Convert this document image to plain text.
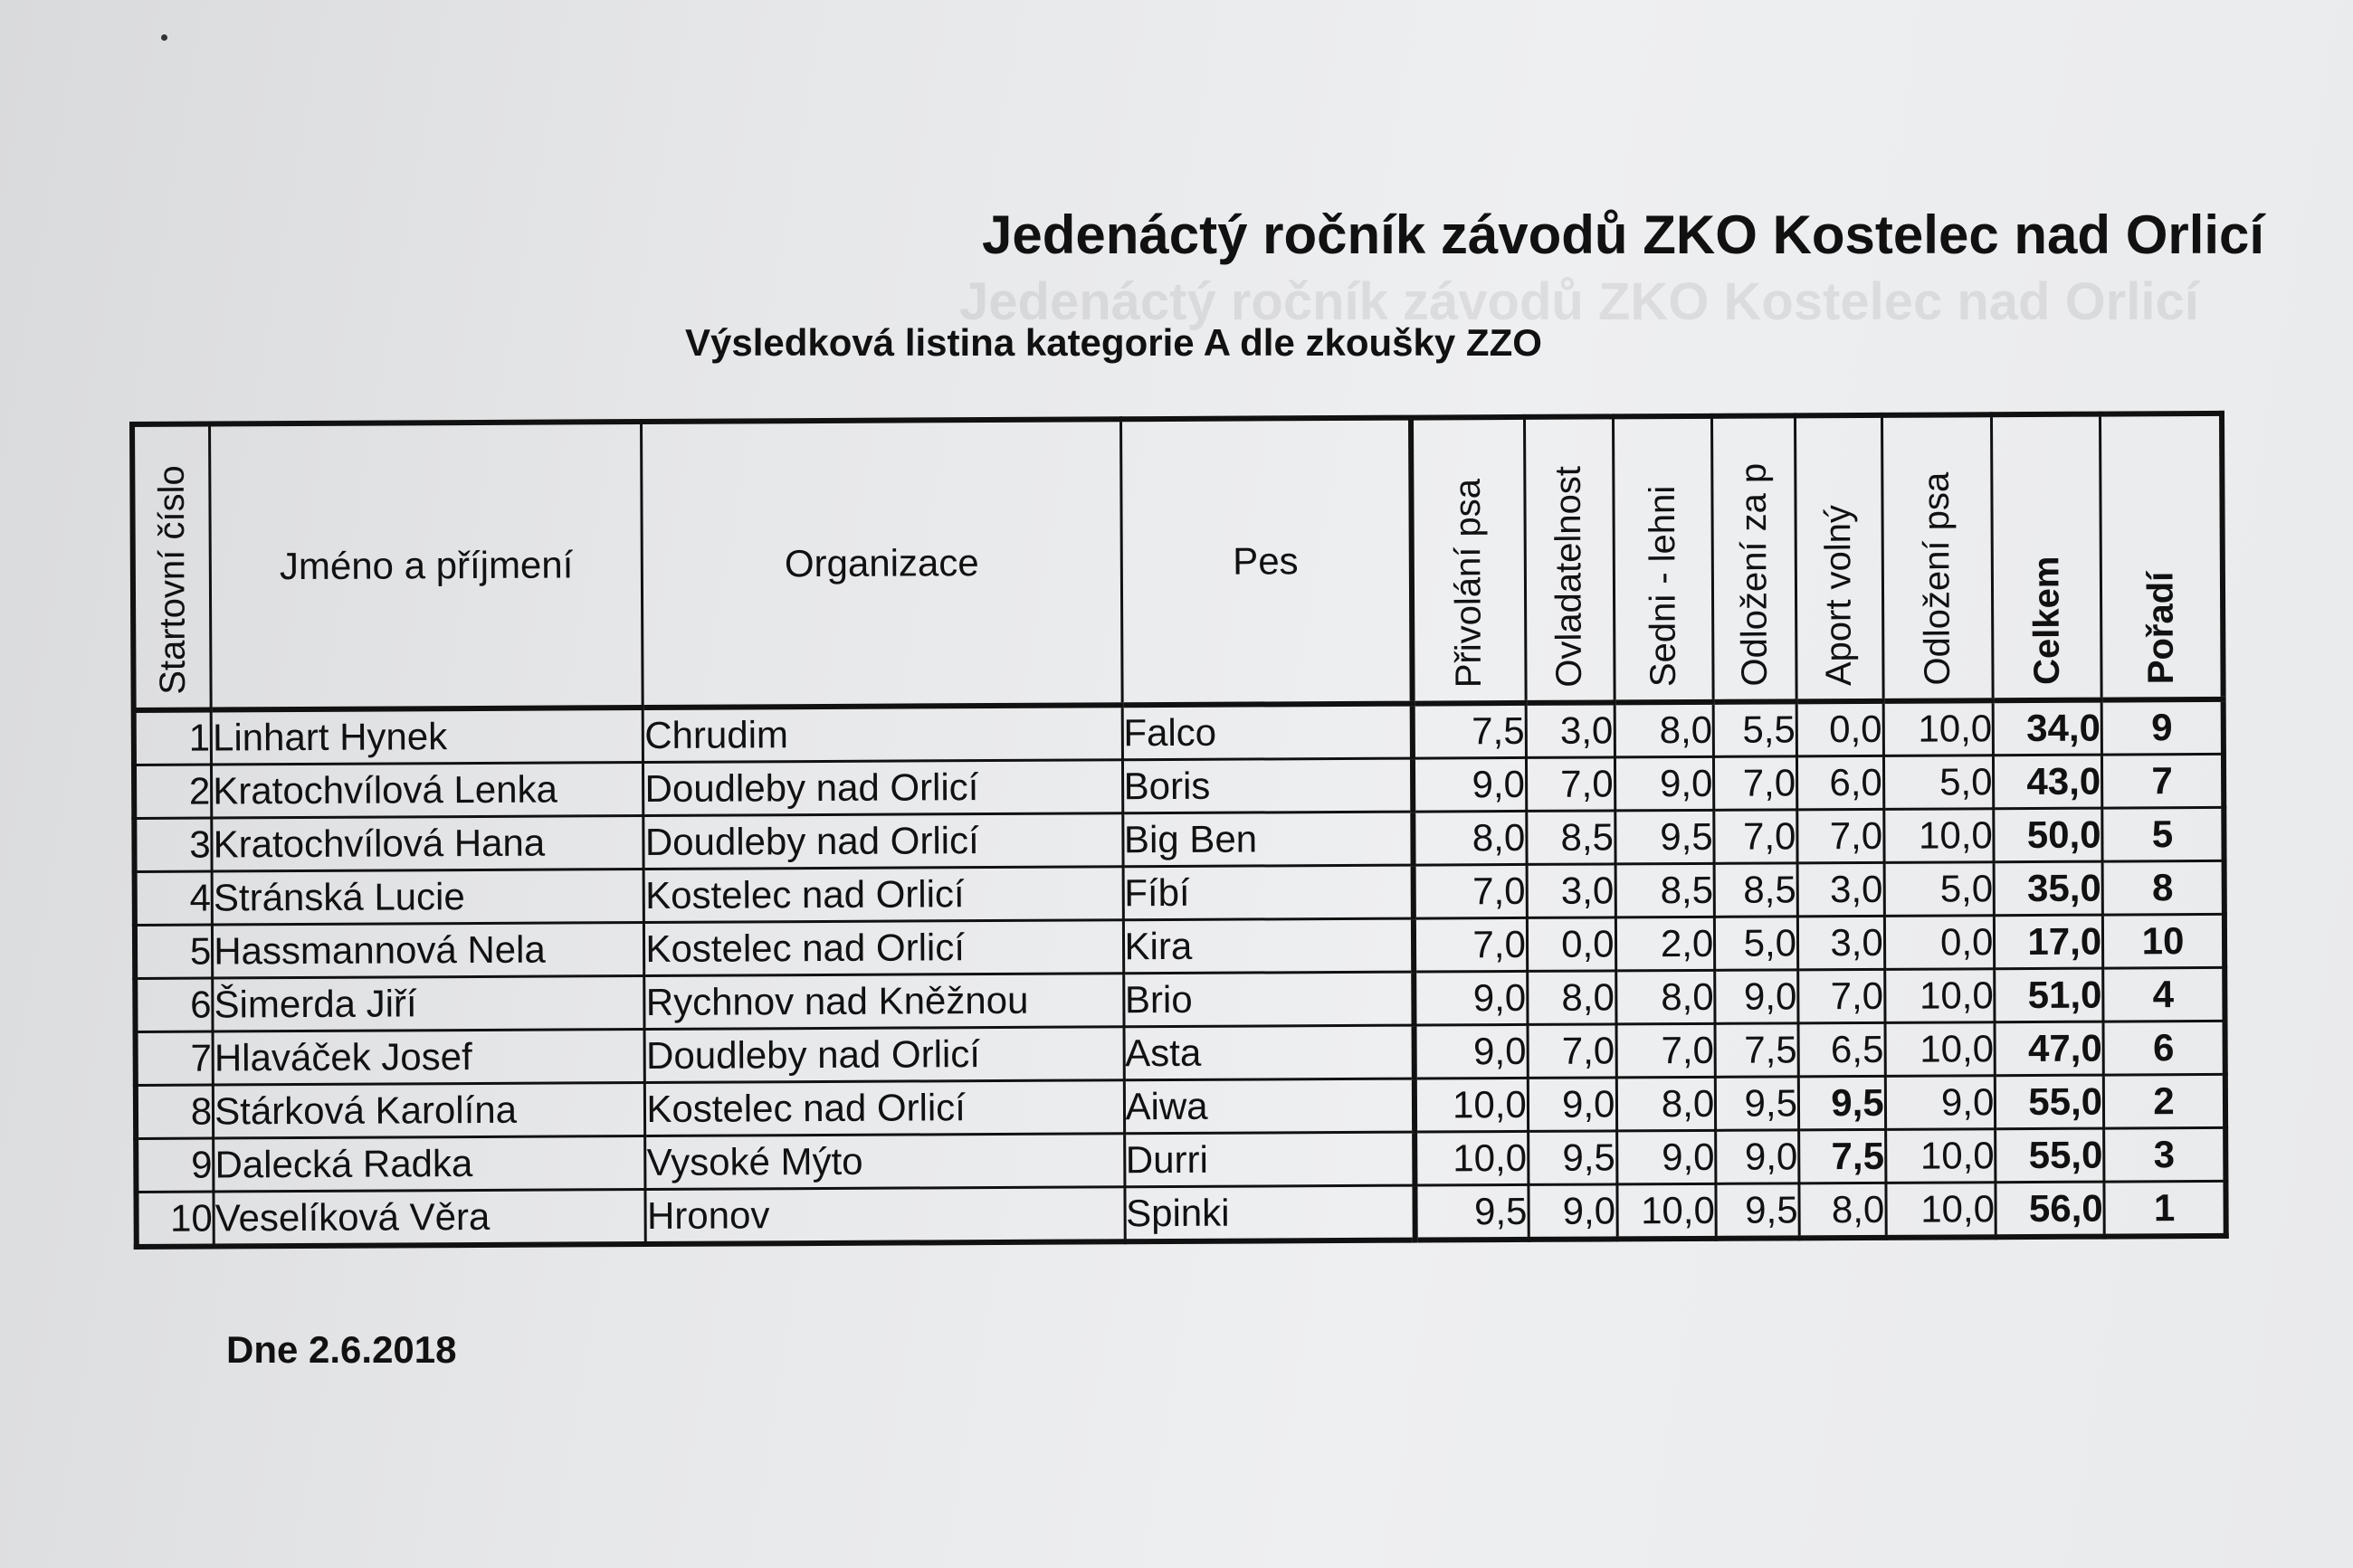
Jedenáctý ročník závodů ZKO Kostelec nad Orlicí
Jedenáctý ročník závodů ZKO Kostelec nad Orlicí
Výsledková listina kategorie A dle zkoušky ZZO
Startovní číslo	Jméno a příjmení	Organizace	Pes	Přivolání psa	Ovladatelnost	Sedni - lehni	Odložení za p	Aport volný	Odložení psa	Celkem	Pořadí

1	Linhart Hynek	Chrudim	Falco	7,5	3,0	8,0	5,5	0,0	10,0	34,0	9
2	Kratochvílová Lenka	Doudleby nad Orlicí	Boris	9,0	7,0	9,0	7,0	6,0	5,0	43,0	7
3	Kratochvílová Hana	Doudleby nad Orlicí	Big Ben	8,0	8,5	9,5	7,0	7,0	10,0	50,0	5
4	Stránská Lucie	Kostelec nad Orlicí	Fíbí	7,0	3,0	8,5	8,5	3,0	5,0	35,0	8
5	Hassmannová Nela	Kostelec nad Orlicí	Kira	7,0	0,0	2,0	5,0	3,0	0,0	17,0	10
6	Šimerda Jiří	Rychnov nad Kněžnou	Brio	9,0	8,0	8,0	9,0	7,0	10,0	51,0	4
7	Hlaváček Josef	Doudleby nad Orlicí	Asta	9,0	7,0	7,0	7,5	6,5	10,0	47,0	6
8	Stárková Karolína	Kostelec nad Orlicí	Aiwa	10,0	9,0	8,0	9,5	9,5	9,0	55,0	2
9	Dalecká Radka	Vysoké Mýto	Durri	10,0	9,5	9,0	9,0	7,5	10,0	55,0	3
10	Veselíková Věra	Hronov	Spinki	9,5	9,0	10,0	9,5	8,0	10,0	56,0	1
Dne 2.6.2018
